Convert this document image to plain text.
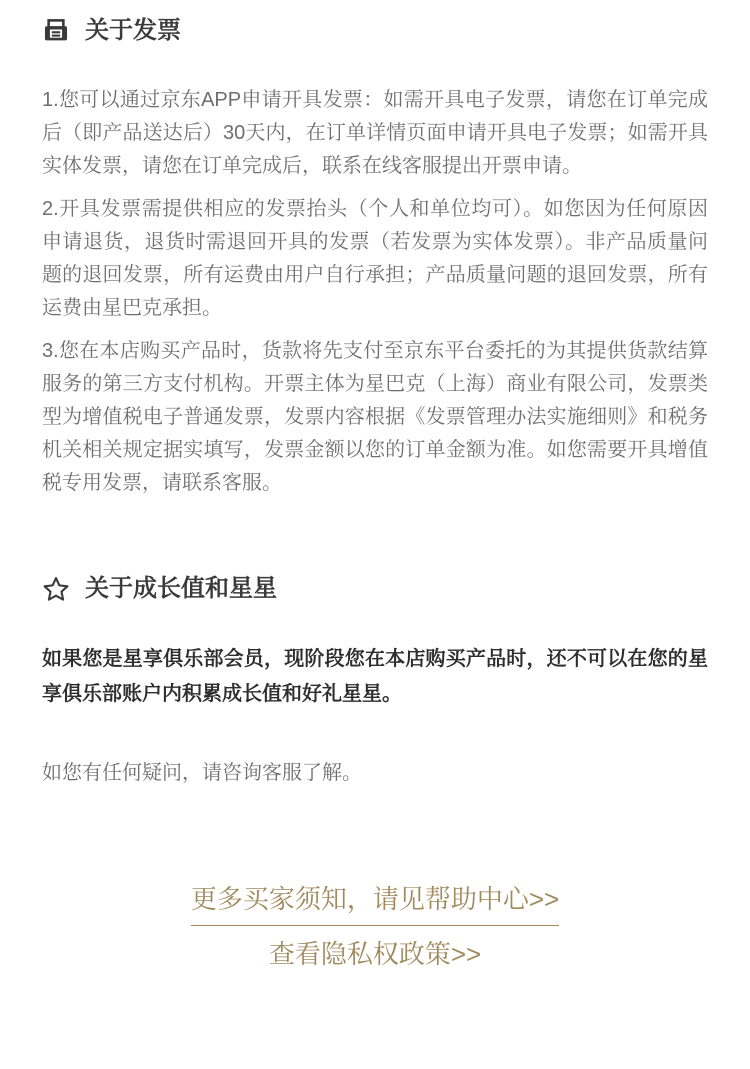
关于发票

1.您可以通过京东APP申请开具发票：如需开具电子发票，请您在订单完成后（即产品送达后）30天内，在订单详情页面申请开具电子发票；如需开具实体发票，请您在订单完成后，联系在线客服提出开票申请。

2.开具发票需提供相应的发票抬头（个人和单位均可）。如您因为任何原因申请退货，退货时需退回开具的发票（若发票为实体发票）。非产品质量问题的退回发票，所有运费由用户自行承担；产品质量问题的退回发票，所有运费由星巴克承担。

3.您在本店购买产品时，货款将先支付至京东平台委托的为其提供货款结算服务的第三方支付机构。开票主体为星巴克（上海）商业有限公司，发票类型为增值税电子普通发票，发票内容根据《发票管理办法实施细则》和税务机关相关规定据实填写，发票金额以您的订单金额为准。如您需要开具增值税专用发票，请联系客服。

关于成长值和星星

如果您是星享俱乐部会员，现阶段您在本店购买产品时，还不可以在您的星享俱乐部账户内积累成长值和好礼星星。

如您有任何疑问，请咨询客服了解。

更多买家须知，请见帮助中心>>
查看隐私权政策>>
